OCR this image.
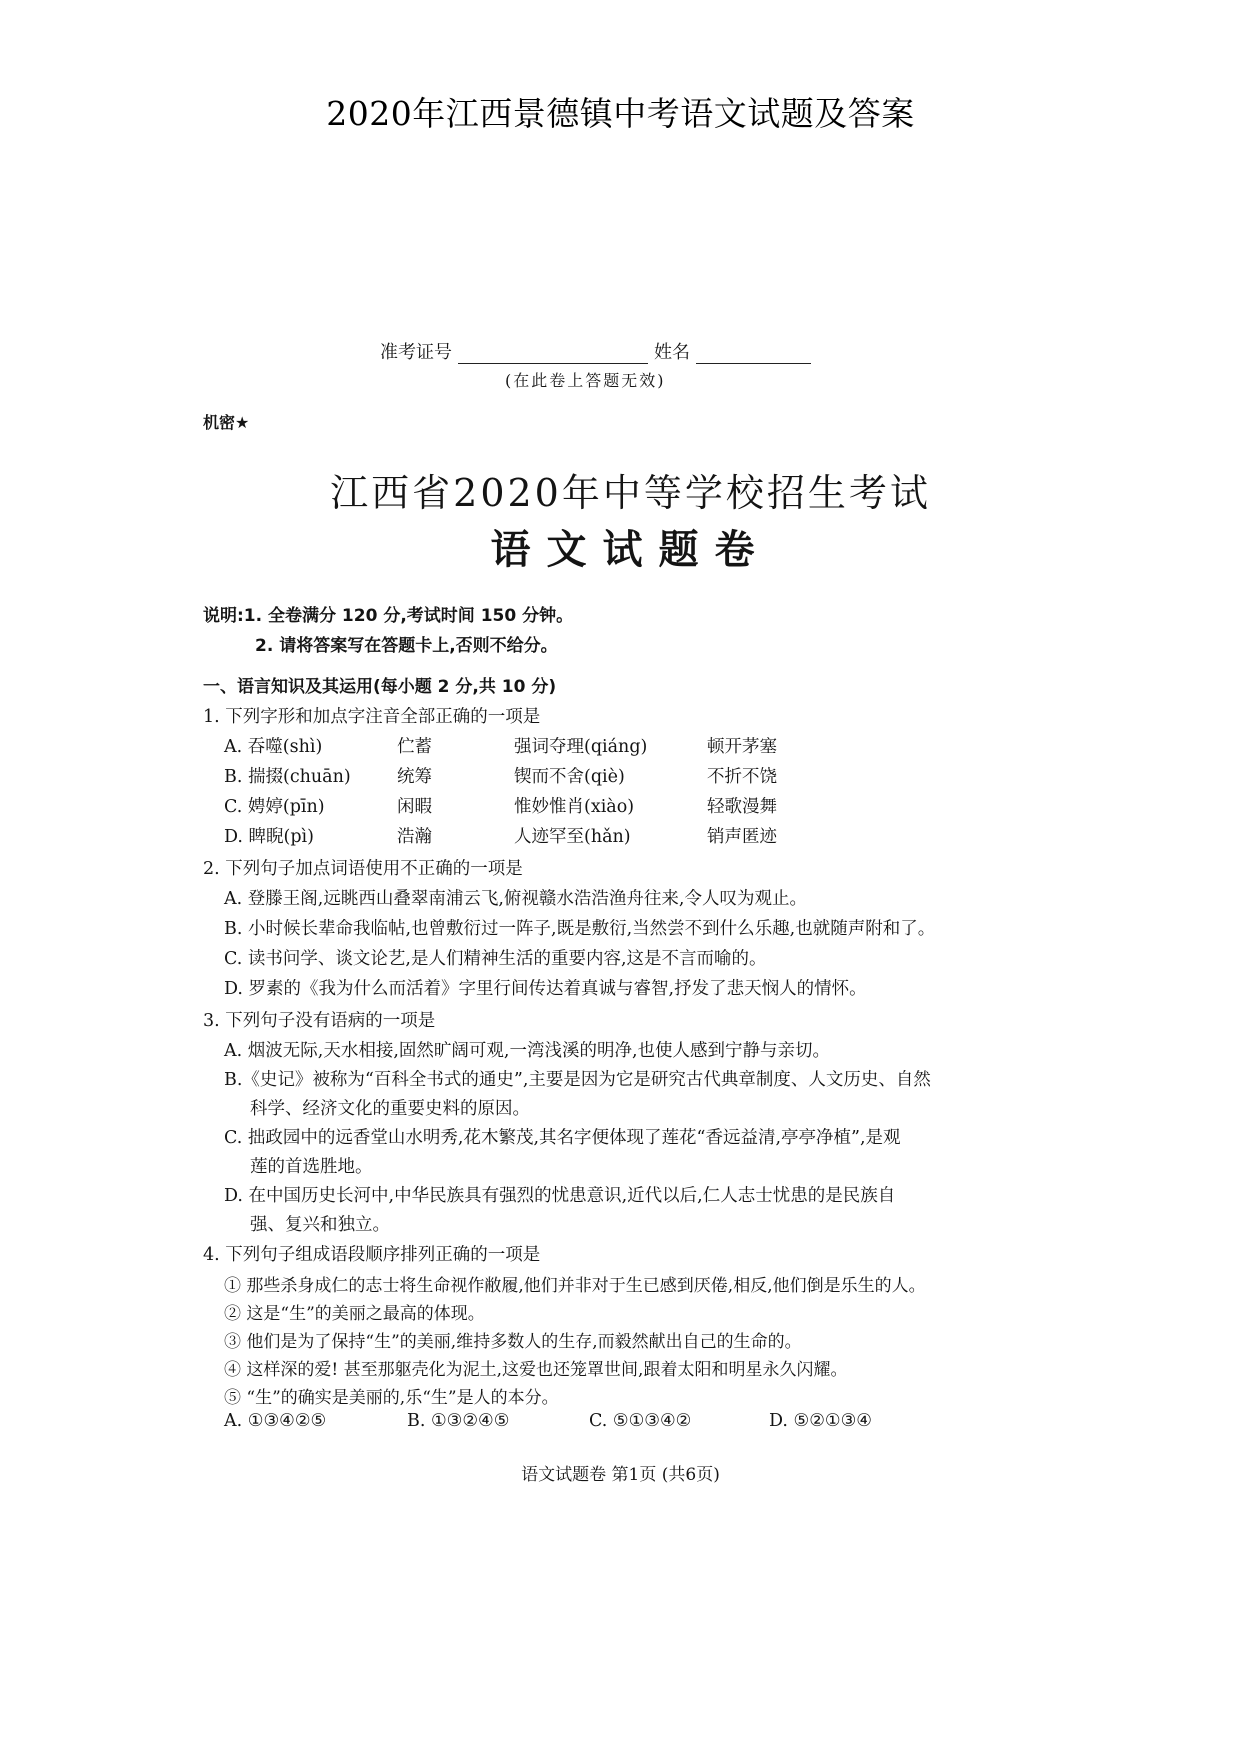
2020年江西景德镇中考语文试题及答案
准考证号	姓名
(在此卷上答题无效)
机密★
江西省2020年中等学校招生考试
语文试题卷
说明:1. 全卷满分 120 分,考试时间 150 分钟。
2. 请将答案写在答题卡上,否则不给分。
一、语言知识及其运用(每小题 2 分,共 10 分)
1. 下列字形和加点字注音全部正确的一项是
A. 吞噬(shì)	伫蓄	强词夺理(qiáng)	顿开茅塞
B. 揣掇(chuān)	统筹	锲而不舍(qiè)	不折不饶
C. 娉婷(pīn)	闲暇	惟妙惟肖(xiào)	轻歌漫舞
D. 睥睨(pì)	浩瀚	人迹罕至(hǎn)	销声匿迹
2. 下列句子加点词语使用不正确的一项是
A. 登滕王阁,远眺西山叠翠南浦云飞,俯视赣水浩浩渔舟往来,令人叹为观止。
B. 小时候长辈命我临帖,也曾敷衍过一阵子,既是敷衍,当然尝不到什么乐趣,也就随声附和了。
C. 读书问学、谈文论艺,是人们精神生活的重要内容,这是不言而喻的。
D. 罗素的《我为什么而活着》字里行间传达着真诚与睿智,抒发了悲天悯人的情怀。
3. 下列句子没有语病的一项是
A. 烟波无际,天水相接,固然旷阔可观,一湾浅溪的明净,也使人感到宁静与亲切。
B.《史记》被称为“百科全书式的通史”,主要是因为它是研究古代典章制度、人文历史、自然
科学、经济文化的重要史料的原因。
C. 拙政园中的远香堂山水明秀,花木繁茂,其名字便体现了莲花“香远益清,亭亭净植”,是观
莲的首选胜地。
D. 在中国历史长河中,中华民族具有强烈的忧患意识,近代以后,仁人志士忧患的是民族自
强、复兴和独立。
4. 下列句子组成语段顺序排列正确的一项是
① 那些杀身成仁的志士将生命视作敝履,他们并非对于生已感到厌倦,相反,他们倒是乐生的人。
② 这是“生”的美丽之最高的体现。
③ 他们是为了保持“生”的美丽,维持多数人的生存,而毅然献出自己的生命的。
④ 这样深的爱! 甚至那躯壳化为泥土,这爱也还笼罩世间,跟着太阳和明星永久闪耀。
⑤ “生”的确实是美丽的,乐“生”是人的本分。
A. ①③④②⑤	B. ①③②④⑤	C. ⑤①③④②	D. ⑤②①③④
语文试题卷 第1页 (共6页)
